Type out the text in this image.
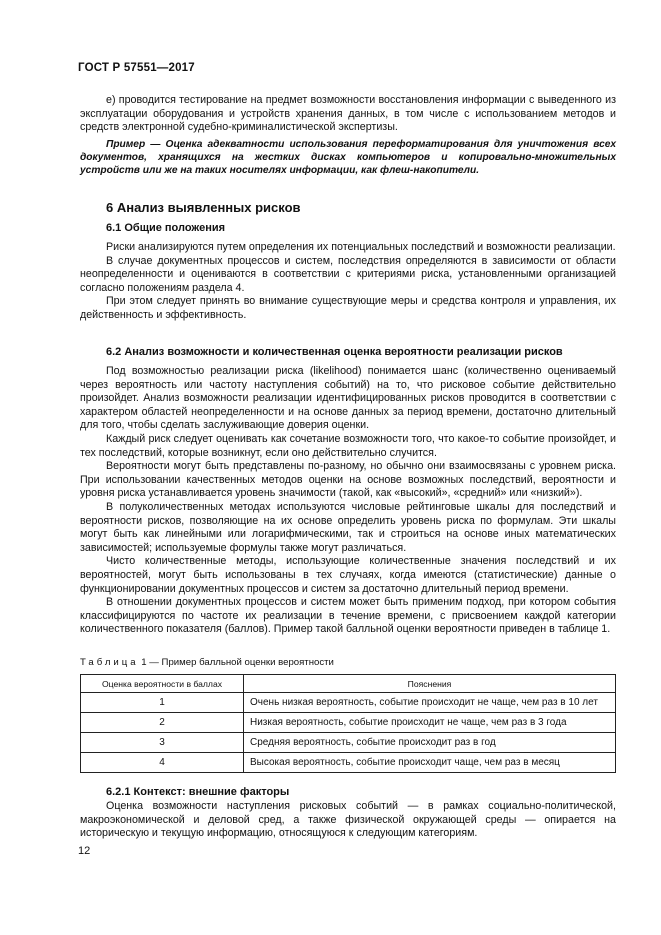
ГОСТ Р 57551—2017

е) проводится тестирование на предмет возможности восстановления информации с выведенного из эксплуатации оборудования и устройств хранения данных, в том числе с использованием методов и средств электронной судебно-криминалистической экспертизы.

Пример — Оценка адекватности использования переформатирования для уничтожения всех документов, хранящихся на жестких дисках компьютеров и копировально-множительных устройств или же на таких носителях информации, как флеш-накопители.
6 Анализ выявленных рисков
6.1 Общие положения

Риски анализируются путем определения их потенциальных последствий и возможности реализации.

В случае документных процессов и систем, последствия определяются в зависимости от области неопределенности и оцениваются в соответствии с критериями риска, установленными организацией согласно положениям раздела 4.

При этом следует принять во внимание существующие меры и средства контроля и управления, их действенность и эффективность.

6.2 Анализ возможности и количественная оценка вероятности реализации рисков

Под возможностью реализации риска (likelihood) понимается шанс (количественно оцениваемый через вероятность или частоту наступления событий) на то, что рисковое событие действительно произойдет. Анализ возможности реализации идентифицированных рисков проводится в соответствии с характером областей неопределенности и на основе данных за период времени, достаточно длительный для того, чтобы сделать заслуживающие доверия оценки.

Каждый риск следует оценивать как сочетание возможности того, что какое-то событие произойдет, и тех последствий, которые возникнут, если оно действительно случится.

Вероятности могут быть представлены по-разному, но обычно они взаимосвязаны с уровнем риска. При использовании качественных методов оценки на основе возможных последствий, вероятности и уровня риска устанавливается уровень значимости (такой, как «высокий», «средний» или «низкий»).

В полуколичественных методах используются числовые рейтинговые шкалы для последствий и вероятности рисков, позволяющие на их основе определить уровень риска по формулам. Эти шкалы могут быть как линейными или логарифмическими, так и строиться на основе иных математических зависимостей; используемые формулы также могут различаться.

Чисто количественные методы, использующие количественные значения последствий и их вероятностей, могут быть использованы в тех случаях, когда имеются (статистические) данные о функционировании документных процессов и систем за достаточно длительный период времени.

В отношении документных процессов и систем может быть применим подход, при котором события классифицируются по частоте их реализации в течение времени, с присвоением каждой категории количественного показателя (баллов). Пример такой балльной оценки вероятности приведен в таблице 1.

Таблица 1 — Пример балльной оценки вероятности
Оценка вероятности в баллах	Пояснения
1	Очень низкая вероятность, событие происходит не чаще, чем раз в 10 лет
2	Низкая вероятность, событие происходит не чаще, чем раз в 3 года
3	Средняя вероятность, событие происходит раз в год
4	Высокая вероятность, событие происходит чаще, чем раз в месяц
6.2.1 Контекст: внешние факторы

Оценка возможности наступления рисковых событий — в рамках социально-политической, макроэкономической и деловой сред, а также физической окружающей среды — опирается на историческую и текущую информацию, относящуюся к следующим категориям.

12
